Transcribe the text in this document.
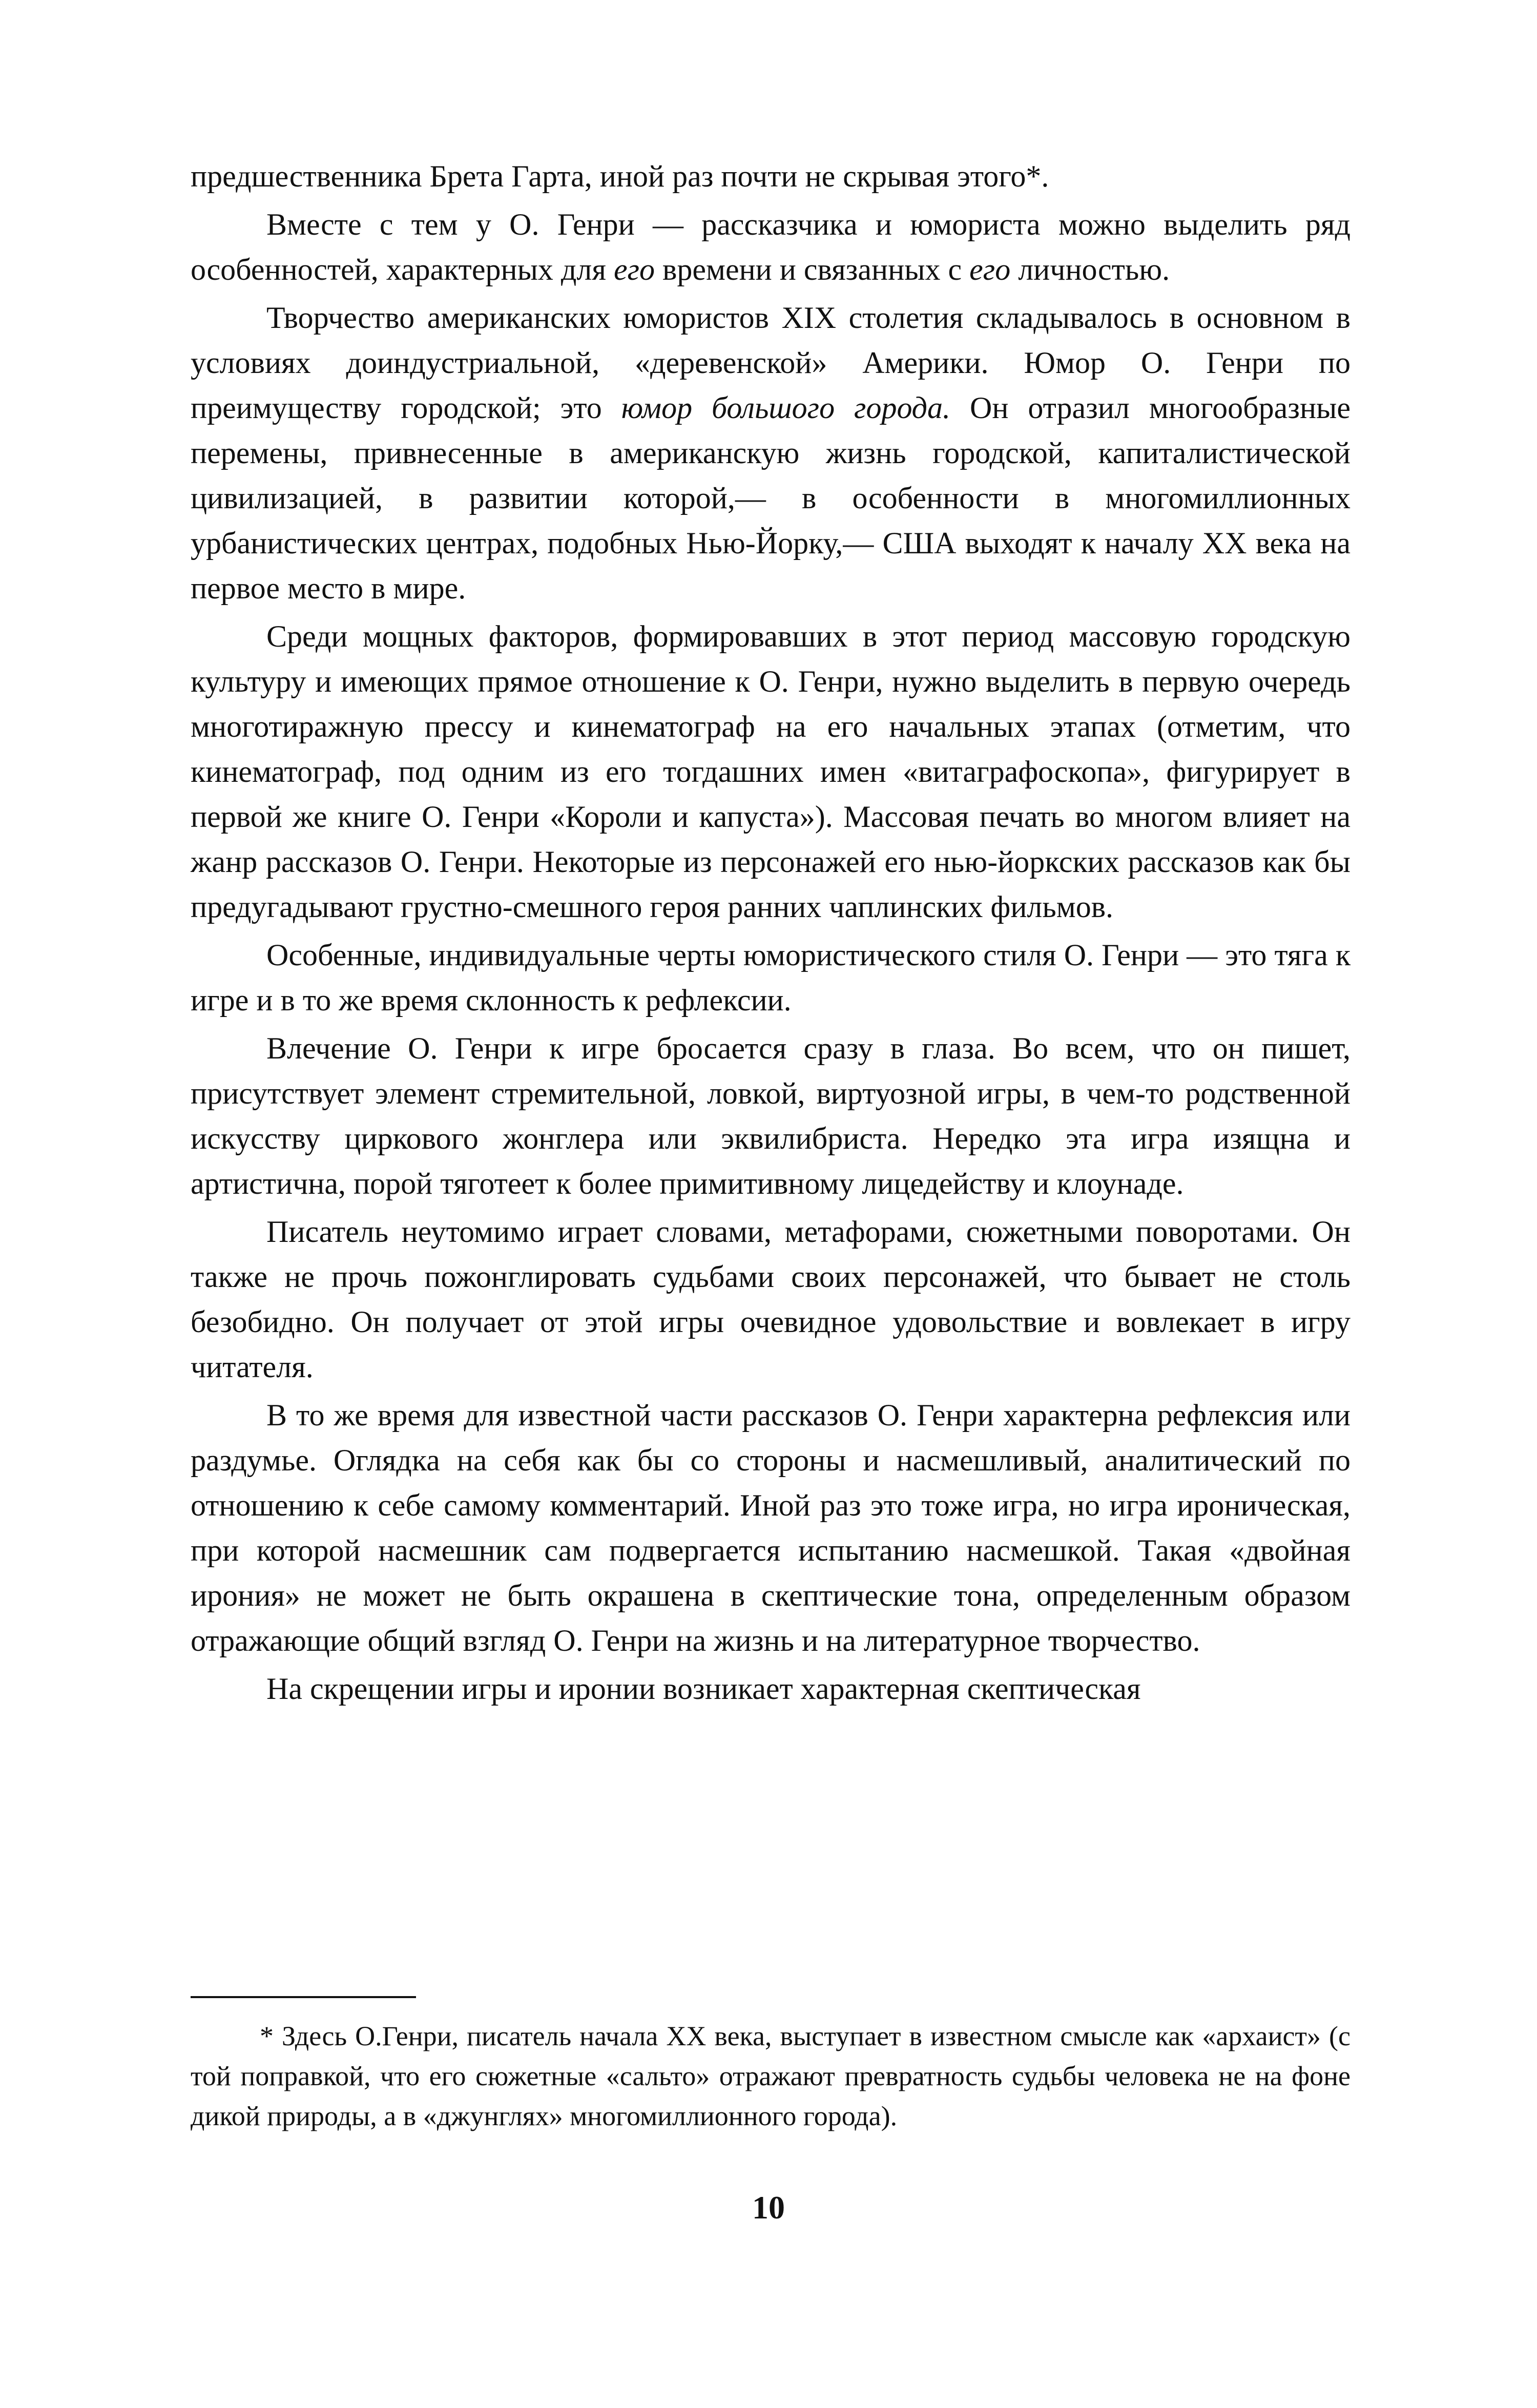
предшественника Брета Гарта, иной раз почти не скрывая этого*.

Вместе с тем у О. Генри — рассказчика и юмориста можно выделить ряд особенностей, характерных для его времени и связанных с его личностью.

Творчество американских юмористов XIX столетия складывалось в основном в условиях доиндустриальной, «деревенской» Америки. Юмор О. Генри по преимуществу городской; это юмор большого города. Он отразил многообразные перемены, привнесенные в американскую жизнь городской, капиталистической цивилизацией, в развитии которой,— в особенности в многомиллионных урбанистических центрах, подобных Нью-Йорку,— США выходят к началу XX века на первое место в мире.

Среди мощных факторов, формировавших в этот период массовую городскую культуру и имеющих прямое отношение к О. Генри, нужно выделить в первую очередь многотиражную прессу и кинематограф на его начальных этапах (отметим, что кинематограф, под одним из его тогдашних имен «витаграфоскопа», фигурирует в первой же книге О. Генри «Короли и капуста»). Массовая печать во многом влияет на жанр рассказов О. Генри. Некоторые из персонажей его нью-йоркских рассказов как бы предугадывают грустно-смешного героя ранних чаплинских фильмов.

Особенные, индивидуальные черты юмористического стиля О. Генри — это тяга к игре и в то же время склонность к рефлексии.

Влечение О. Генри к игре бросается сразу в глаза. Во всем, что он пишет, присутствует элемент стремительной, ловкой, виртуозной игры, в чем-то родственной искусству циркового жонглера или эквилибриста. Нередко эта игра изящна и артистична, порой тяготеет к более примитивному лицедейству и клоунаде.

Писатель неутомимо играет словами, метафорами, сюжетными поворотами. Он также не прочь пожонглировать судьбами своих персонажей, что бывает не столь безобидно. Он получает от этой игры очевидное удовольствие и вовлекает в игру читателя.

В то же время для известной части рассказов О. Генри характерна рефлексия или раздумье. Оглядка на себя как бы со стороны и насмешливый, аналитический по отношению к себе самому комментарий. Иной раз это тоже игра, но игра ироническая, при которой насмешник сам подвергается испытанию насмешкой. Такая «двойная ирония» не может не быть окрашена в скептические тона, определенным образом отражающие общий взгляд О. Генри на жизнь и на литературное творчество.

На скрещении игры и иронии возникает характерная скептическая

* Здесь О.Генри, писатель начала XX века, выступает в известном смысле как «архаист» (с той поправкой, что его сюжетные «сальто» отражают превратность судьбы человека не на фоне дикой природы, а в «джунглях» многомиллионного города).

10
